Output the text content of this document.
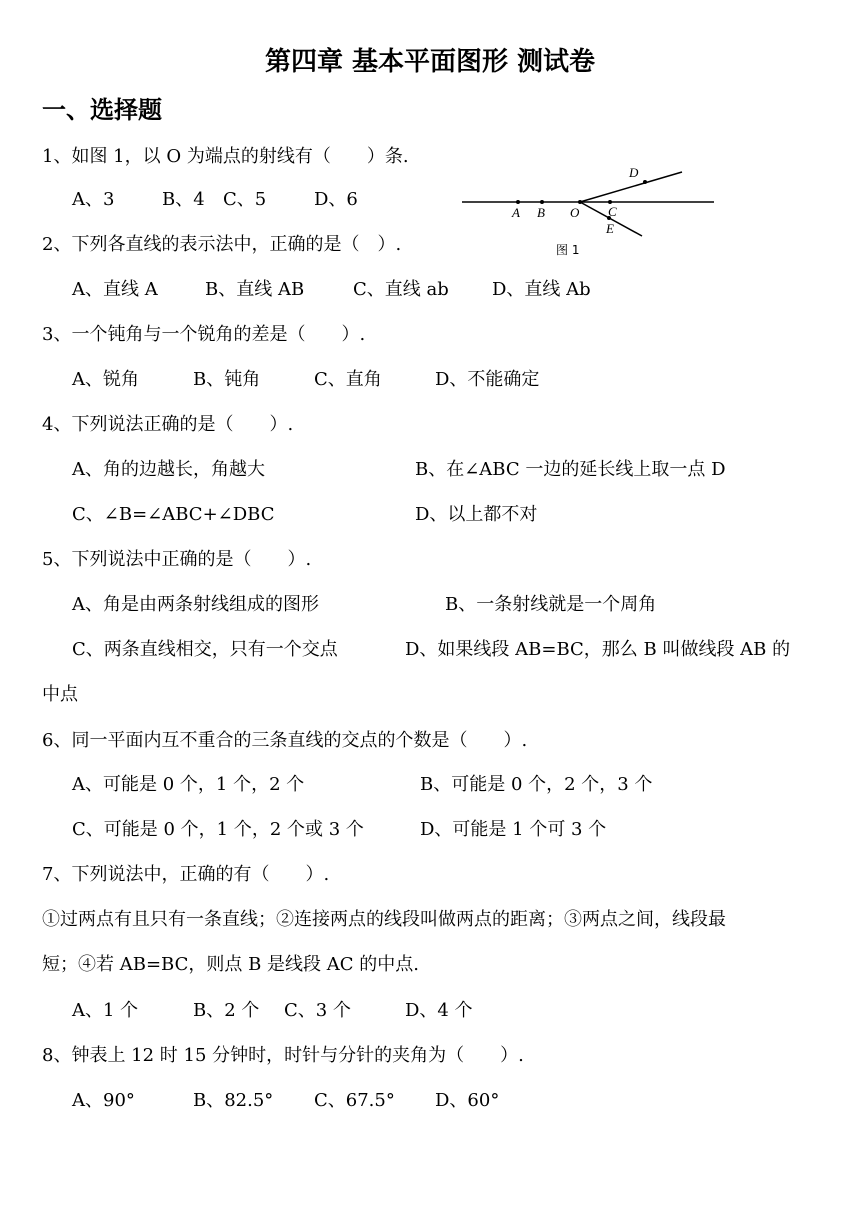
第四章 基本平面图形 测试卷
一、选择题
1、如图 1，以 O 为端点的射线有（　　）条.
A、3	B、4 C、5	D、6
A B O C
D
E
图 1
2、下列各直线的表示法中，正确的是（　）.
A、直线 A	B、直线 AB	C、直线 ab D、直线 Ab
3、一个钝角与一个锐角的差是（　　）.
A、锐角	B、钝角	C、直角	D、不能确定
4、下列说法正确的是（　　）.
A、角的边越长，角越大	B、在∠ABC 一边的延长线上取一点 D
C、∠B=∠ABC+∠DBC	D、以上都不对
5、下列说法中正确的是（　　）.
A、角是由两条射线组成的图形	B、一条射线就是一个周角
C、两条直线相交，只有一个交点	D、如果线段 AB=BC，那么 B 叫做线段 AB 的
中点
6、同一平面内互不重合的三条直线的交点的个数是（　　）.
A、可能是 0 个，1 个，2 个	B、可能是 0 个，2 个，3 个
C、可能是 0 个，1 个，2 个或 3 个	D、可能是 1 个可 3 个
7、下列说法中，正确的有（　　）.
①过两点有且只有一条直线；②连接两点的线段叫做两点的距离；③两点之间，线段最
短；④若 AB=BC，则点 B 是线段 AC 的中点.
A、1 个	B、2 个 C、3 个	D、4 个
8、钟表上 12 时 15 分钟时，时针与分针的夹角为（　　）.
A、90°	B、82.5° C、67.5° D、60°
